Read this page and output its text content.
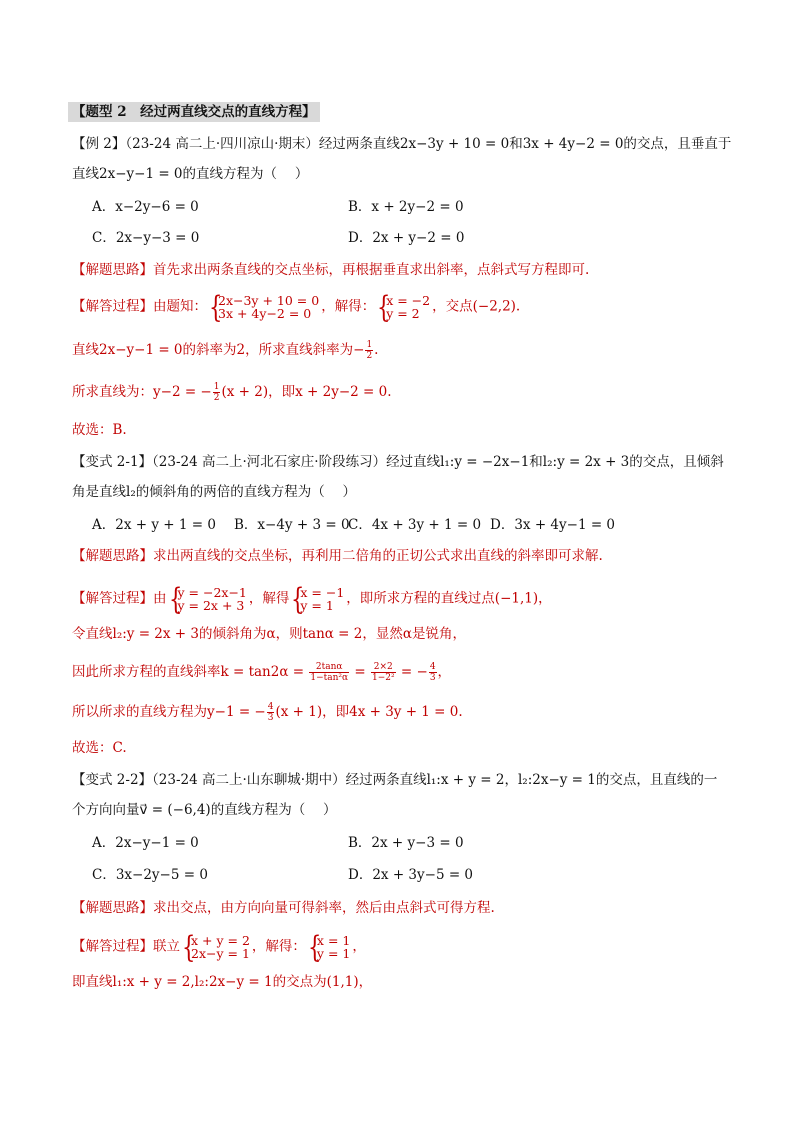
【题型 2　经过两直线交点的直线方程】
【例 2】（23-24 高二上·四川凉山·期末）经过两条直线2x−3y + 10 = 0和3x + 4y−2 = 0的交点，且垂直于
直线2x−y−1 = 0的直线方程为（　 ）
A．x−2y−6 = 0	B．x + 2y−2 = 0
C．2x−y−3 = 0	D．2x + y−2 = 0
【解题思路】首先求出两条直线的交点坐标，再根据垂直求出斜率，点斜式写方程即可.
【解答过程】由题知： {
2x−3y + 10 = 0
3x + 4y−2 = 0 ，解得： {
x = −2
y = 2 ，交点(−2,2).
直线2x−y−1 = 0的斜率为2，所求直线斜率为− $\frac{1}{2}$ .
所求直线为：y−2 = − $\frac{1}{2} (x + 2)$，即x + 2y−2 = 0.
故选：B.
【变式 2-1】（23-24 高二上·河北石家庄·阶段练习）经过直线l₁:y = −2x−1和l₂:y = 2x + 3的交点，且倾斜
角是直线l₂的倾斜角的两倍的直线方程为（　 ）
A．2x + y + 1 = 0 B．x−4y + 3 = 0
C．4x + 3y + 1 = 0 D．3x + 4y−1 = 0
【解题思路】求出两直线的交点坐标，再利用二倍角的正切公式求出直线的斜率即可求解.
【解答过程】由 {
y = −2x−1
y = 2x + 3 ，解得 {
x = −1
y = 1 ，即所求方程的直线过点(−1,1)，
令直线l₂:y = 2x + 3的倾斜角为α，则tanα = 2，显然α是锐角，
因此所求方程的直线斜率$k = \tan 2\alpha = \frac{2\tan\alpha}{\text{1−tan²α}} = \frac{2\times 2}{\text{1−2²}}$ = − $\frac{4}{3}$ ，
所以所求的直线方程为y−1 = − $\frac{4}{3} (x + 1)$，即4x + 3y + 1 = 0.
故选：C.
【变式 2-2】（23-24 高二上·山东聊城·期中）经过两条直线l₁:x + y = 2，l₂:2x−y = 1的交点，且直线的一
个方向向量v⃗ = (−6,4)的直线方程为（　 ）
A．2x−y−1 = 0	B．2x + y−3 = 0
C．3x−2y−5 = 0	D．2x + 3y−5 = 0
【解题思路】求出交点，由方向向量可得斜率，然后由点斜式可得方程.
【解答过程】联立 {
x + y = 2
2x−y = 1 ，解得： {
x = 1
y = 1 ，
即直线l₁:x + y = 2,l₂:2x−y = 1的交点为(1,1)，
